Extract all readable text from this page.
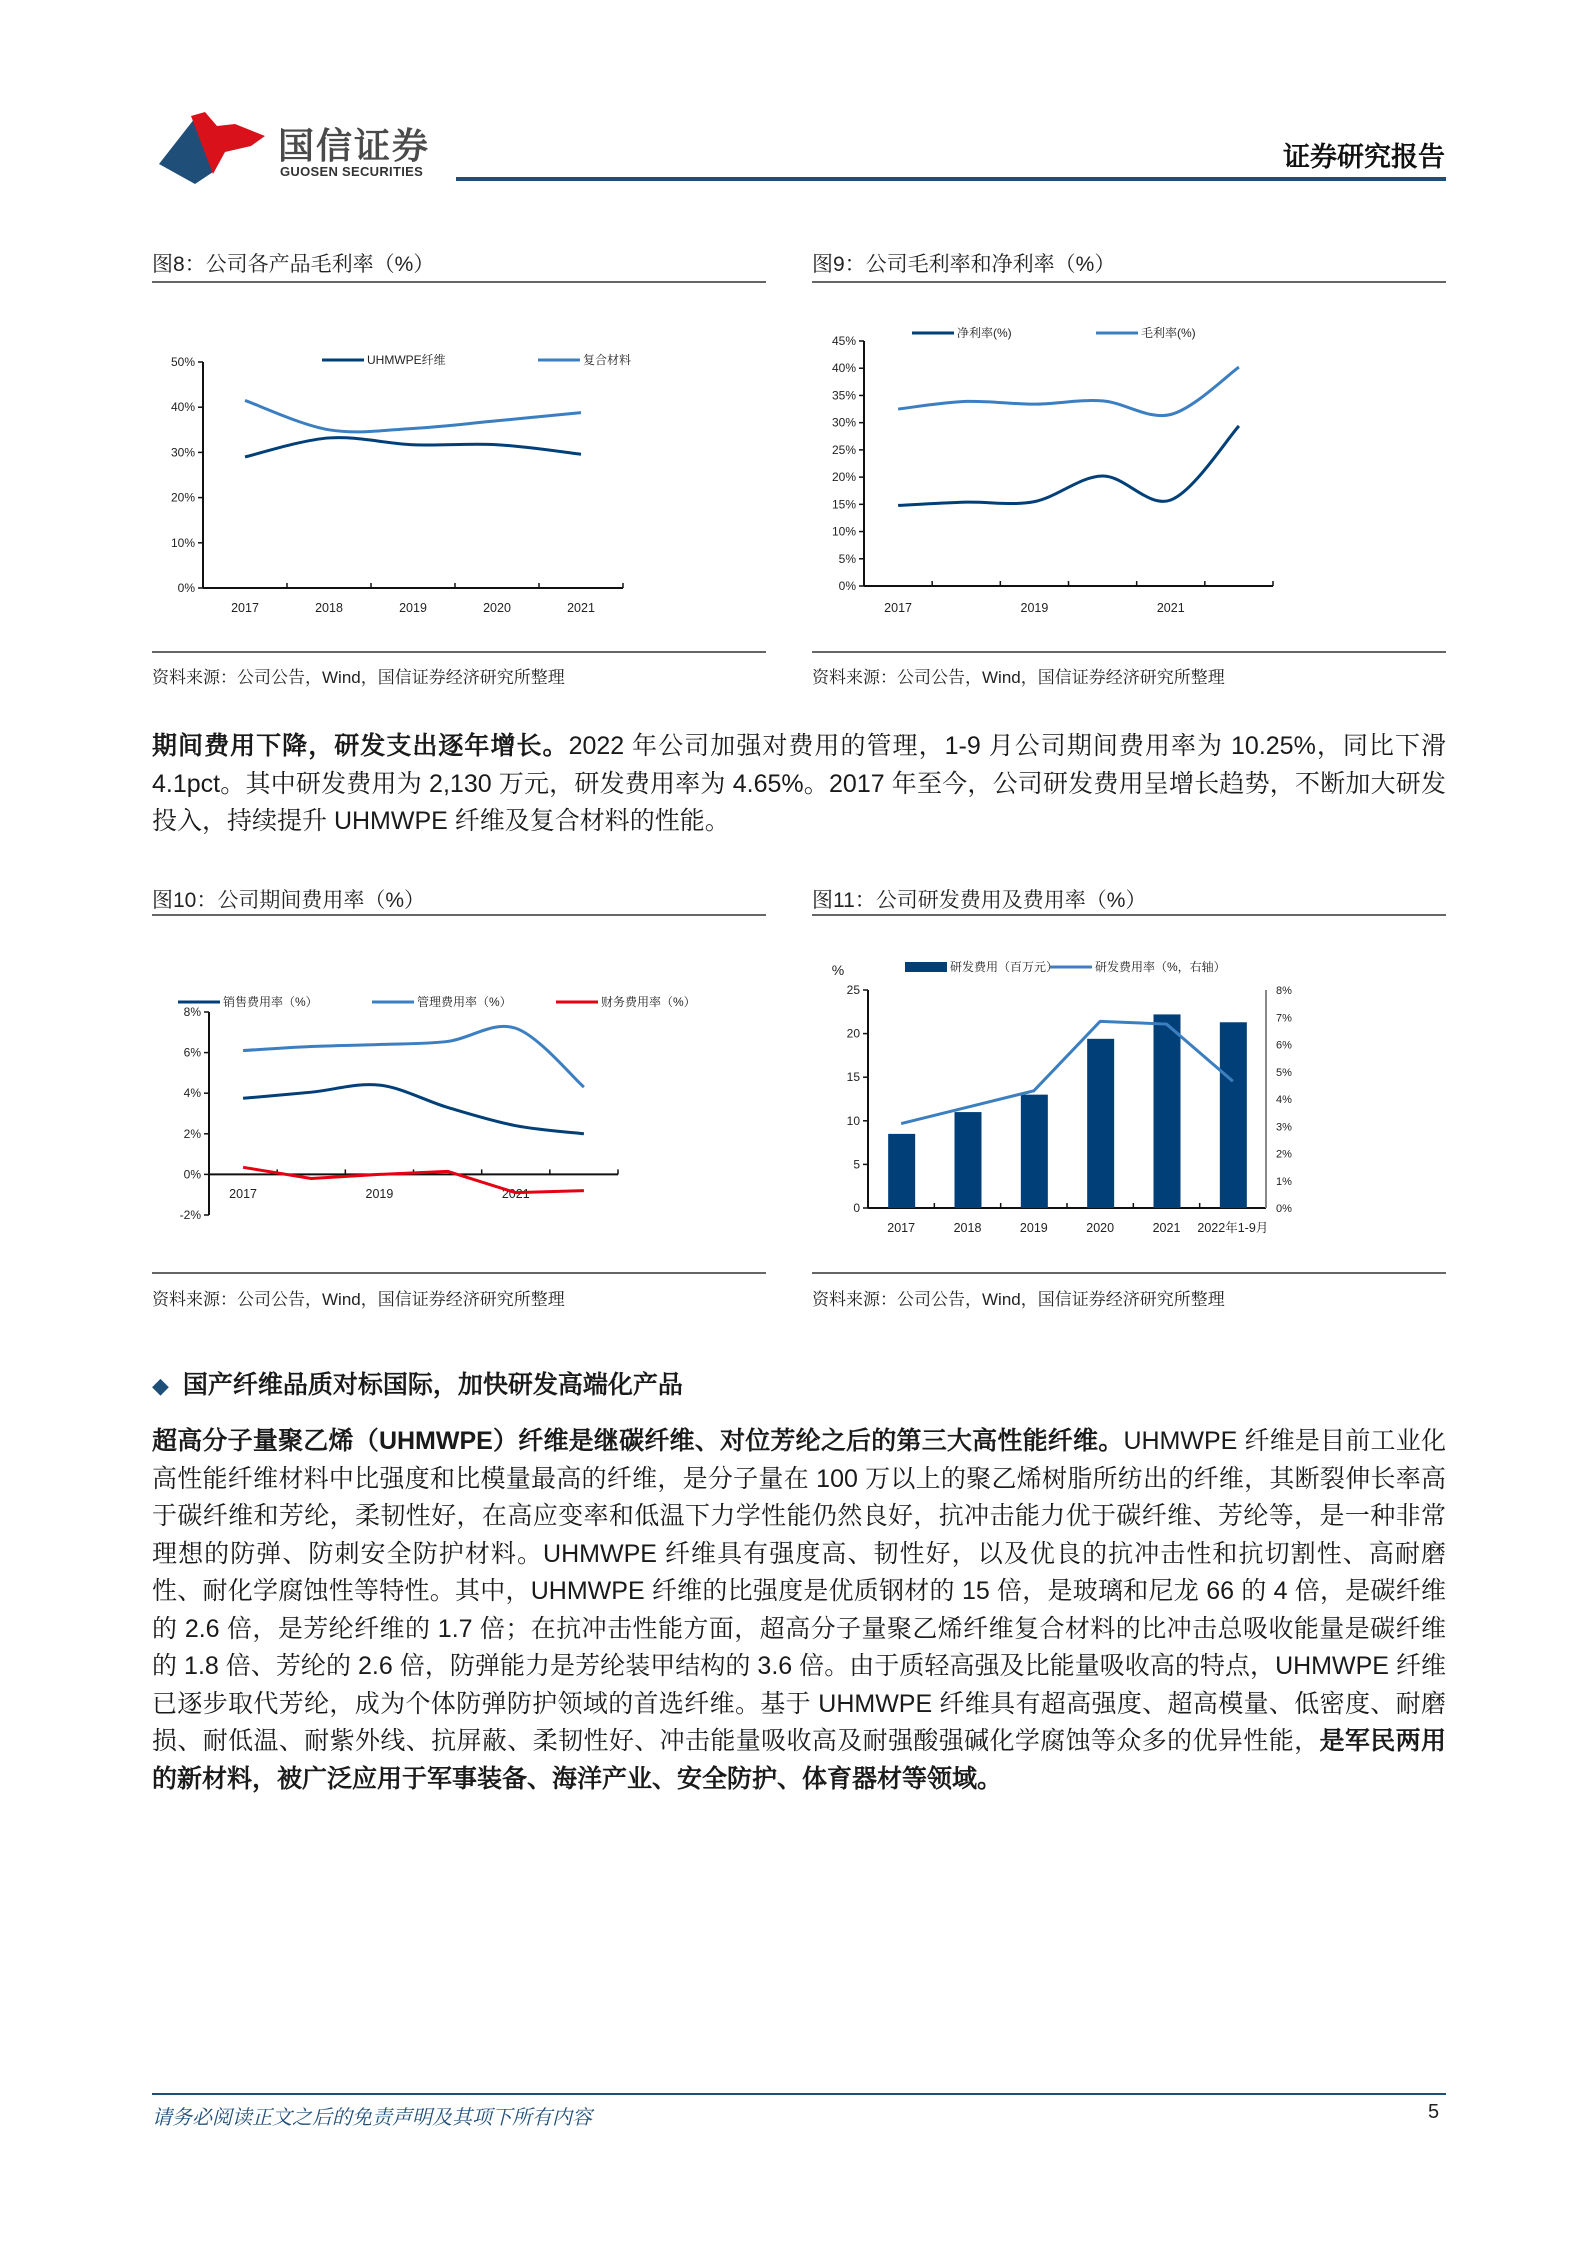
国信证券
GUOSEN SECURITIES	证券研究报告
图8：公司各产品毛利率（%）
资料来源：公司公告，Wind，国信证券经济研究所整理
图9：公司毛利率和净利率（%）
资料来源：公司公告，Wind，国信证券经济研究所整理
期间费用下降，研发支出逐年增长。2022 年公司加强对费用的管理，1-9 月公司期间费用率为 10.25%，同比下滑 4.1pct。其中研发费用为 2,130 万元，研发费用率为 4.65%。2017 年至今，公司研发费用呈增长趋势，不断加大研发投入，持续提升 UHMWPE 纤维及复合材料的性能。
图10：公司期间费用率（%）
资料来源：公司公告，Wind，国信证券经济研究所整理
图11：公司研发费用及费用率（%）
资料来源：公司公告，Wind，国信证券经济研究所整理
◆ 国产纤维品质对标国际，加快研发高端化产品
超高分子量聚乙烯（UHMWPE）纤维是继碳纤维、对位芳纶之后的第三大高性能纤维。UHMWPE 纤维是目前工业化高性能纤维材料中比强度和比模量最高的纤维，是分子量在 100 万以上的聚乙烯树脂所纺出的纤维，其断裂伸长率高于碳纤维和芳纶，柔韧性好，在高应变率和低温下力学性能仍然良好，抗冲击能力优于碳纤维、芳纶等，是一种非常理想的防弹、防刺安全防护材料。UHMWPE 纤维具有强度高、韧性好，以及优良的抗冲击性和抗切割性、高耐磨性、耐化学腐蚀性等特性。其中，UHMWPE 纤维的比强度是优质钢材的 15 倍，是玻璃和尼龙 66 的 4 倍，是碳纤维的 2.6 倍，是芳纶纤维的 1.7 倍；在抗冲击性能方面，超高分子量聚乙烯纤维复合材料的比冲击总吸收能量是碳纤维的 1.8 倍、芳纶的 2.6 倍，防弹能力是芳纶装甲结构的 3.6 倍。由于质轻高强及比能量吸收高的特点，UHMWPE 纤维已逐步取代芳纶，成为个体防弹防护领域的首选纤维。基于 UHMWPE 纤维具有超高强度、超高模量、低密度、耐磨损、耐低温、耐紫外线、抗屏蔽、柔韧性好、冲击能量吸收高及耐强酸强碱化学腐蚀等众多的优异性能，是军民两用的新材料，被广泛应用于军事装备、海洋产业、安全防护、体育器材等领域。
请务必阅读正文之后的免责声明及其项下所有内容	5
0%
10%
20%
30%
40%
50%
2017	2018	2019	2020	2021
UHMWPE纤维	复合材料
0%
5%
10%
15%
20%
25%
30%
35%
40%
45%
2017	2019	2021
净利率(%)	毛利率(%)
-2%
0%
2%
4%
6%
8%
2017	2019	2021
销售费用率（%）	管理费用率（%）	财务费用率（%）
0
5
10
15
20
25
2017	2018	2019	2020	2021 2022年1-9月
0%
1%
2%
3%
4%
5%
6%
7%
8%
%	研发费用（百万元）	研发费用率（%，右轴）
